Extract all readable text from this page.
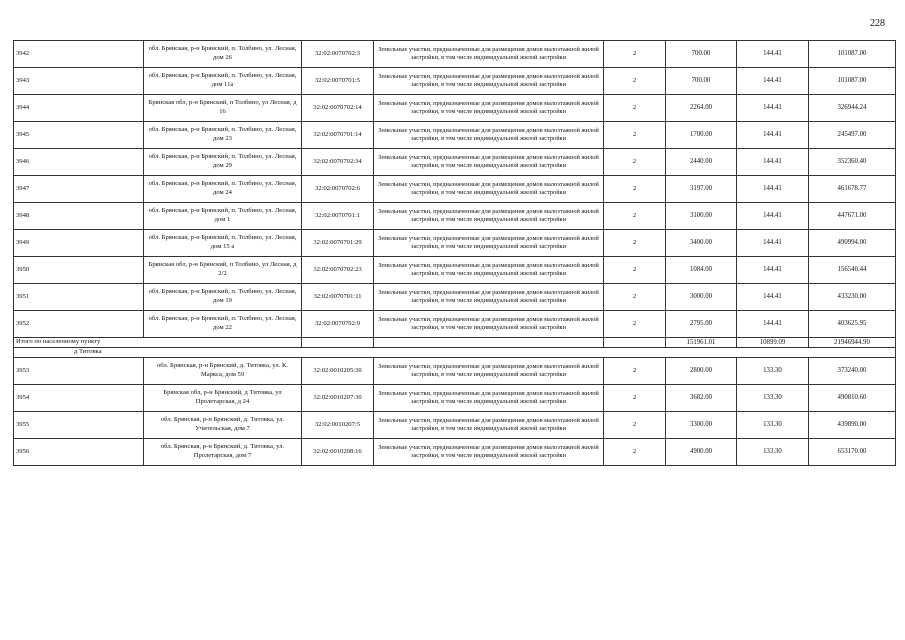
228
3942	обл. Брянская, р-н Брянский, п. Толбино, ул. Лесная, дом 26	32:02:0070702:3	Земельные участки, предназначенные для размещения домов малоэтажной жилой застройки, в том числе индивидуальной жилой застройки	2	700.00	144.41	101087.00
3943	обл. Брянская, р-н Брянский, п. Толбино, ул. Лесная, дом 11а	32:02:0070701:5	Земельные участки, предназначенные для размещения домов малоэтажной жилой застройки, в том числе индивидуальной жилой застройки	2	700.00	144.41	101087.00
3944	Брянская обл, р-н Брянский, п Толбино, ул Лесная, д 16	32:02:0070702:14	Земельные участки, предназначенные для размещения домов малоэтажной жилой застройки, в том числе индивидуальной жилой застройки	2	2264.00	144.41	326944.24
3945	обл. Брянская, р-н Брянский, п. Толбино, ул. Лесная, дом 23	32:02:0070701:14	Земельные участки, предназначенные для размещения домов малоэтажной жилой застройки, в том числе индивидуальной жилой застройки	2	1700.00	144.41	245497.00
3946	обл. Брянская, р-н Брянский, п. Толбино, ул. Лесная, дом 29	32:02:0070702:34	Земельные участки, предназначенные для размещения домов малоэтажной жилой застройки, в том числе индивидуальной жилой застройки	2	2440.00	144.41	352360.40
3947	обл. Брянская, р-н Брянский, п. Толбино, ул. Лесная, дом 24	32:02:0070702:6	Земельные участки, предназначенные для размещения домов малоэтажной жилой застройки, в том числе индивидуальной жилой застройки	2	3197.00	144.41	461678.77
3948	обл. Брянская, р-н Брянский, п. Толбино, ул. Лесная, дом 1	32:02:0070701:1	Земельные участки, предназначенные для размещения домов малоэтажной жилой застройки, в том числе индивидуальной жилой застройки	2	3100.00	144.41	447671.00
3949	обл. Брянская, р-н Брянский, п. Толбино, ул. Лесная, дом 15 а	32:02:0070701:29	Земельные участки, предназначенные для размещения домов малоэтажной жилой застройки, в том числе индивидуальной жилой застройки	2	3400.00	144.41	490994.00
3950	Брянская обл, р-н Брянский, п Толбино, ул Лесная, д 2/2	32:02:0070702:23	Земельные участки, предназначенные для размещения домов малоэтажной жилой застройки, в том числе индивидуальной жилой застройки	2	1084.00	144.41	156540.44
3951	обл. Брянская, р-н Брянский, п. Толбино, ул. Лесная, дом 19	32:02:0070701:11	Земельные участки, предназначенные для размещения домов малоэтажной жилой застройки, в том числе индивидуальной жилой застройки	2	3000.00	144.41	433230.00
3952	обл. Брянская, р-н Брянский, п. Толбино, ул. Лесная, дом 22	32:02:0070702:9	Земельные участки, предназначенные для размещения домов малоэтажной жилой застройки, в том числе индивидуальной жилой застройки	2	2795.00	144.41	403625.95
Итого по населенному пункту					151961.01	10899.09	21946944.90
д Титовка							
3953	обл. Брянская, р-н Брянский, д. Титовка, ул. К. Маркса, дом 59	32:02:0010205:30	Земельные участки, предназначенные для размещения домов малоэтажной жилой застройки, в том числе индивидуальной жилой застройки	2	2800.00	133.30	373240.00
3954	Брянская обл, р-н Брянский, д Титовка, ул Пролетарская, д 24	32:02:0010207:30	Земельные участки, предназначенные для размещения домов малоэтажной жилой застройки, в том числе индивидуальной жилой застройки	2	3682.00	133.30	490810.60
3955	обл. Брянская, р-н Брянский, д. Титовка, ул. Учительская, дом 7	32:02:0010207:5	Земельные участки, предназначенные для размещения домов малоэтажной жилой застройки, в том числе индивидуальной жилой застройки	2	3300.00	133.30	439890.00
3956	обл. Брянская, р-н Брянский, д. Титовка, ул. Пролетарская, дом 7	32:02:0010208:16	Земельные участки, предназначенные для размещения домов малоэтажной жилой застройки, в том числе индивидуальной жилой застройки	2	4900.00	133.30	653170.00
